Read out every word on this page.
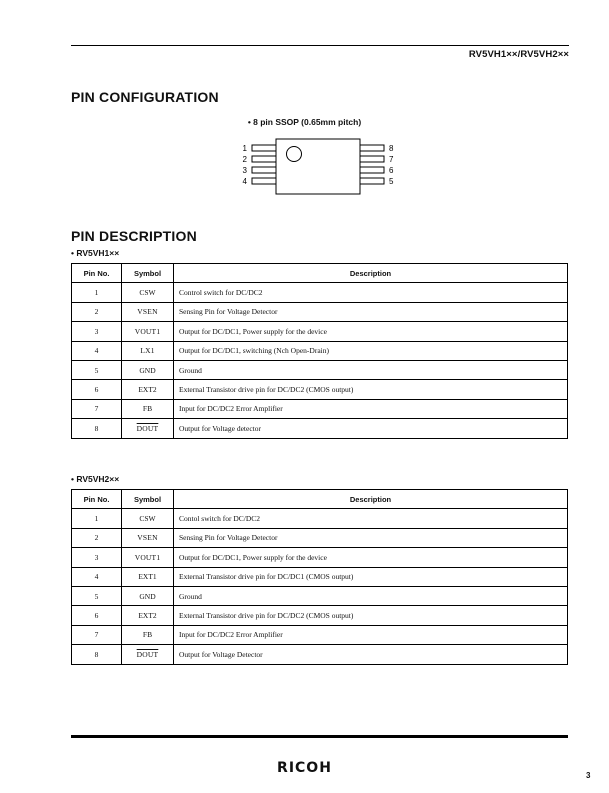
RV5VH1××/RV5VH2××
PIN CONFIGURATION
• 8 pin SSOP (0.65mm pitch)
1
2
3
4
8
7
6
5
PIN DESCRIPTION
• RV5VH1××
Pin No.	Symbol	Description
1	CSW	Control switch for DC/DC2
2	VSEN	Sensing Pin for Voltage Detector
3	VOUT1	Output for DC/DC1, Power supply for the device
4	LX1	Output for DC/DC1, switching (Nch Open-Drain)
5	GND	Ground
6	EXT2	External Transistor drive pin for DC/DC2 (CMOS output)
7	FB	Input for DC/DC2 Error Amplifier
8	DOUT	Output for Voltage detector
• RV5VH2××
Pin No.	Symbol	Description
1	CSW	Contol switch for DC/DC2
2	VSEN	Sensing Pin for Voltage Detector
3	VOUT1	Output for DC/DC1, Power supply for the device
4	EXT1	External Transistor drive pin for DC/DC1 (CMOS output)
5	GND	Ground
6	EXT2	External Transistor drive pin for DC/DC2 (CMOS output)
7	FB	Input for DC/DC2 Error Amplifier
8	DOUT	Output for Voltage Detector
RICOH	3
